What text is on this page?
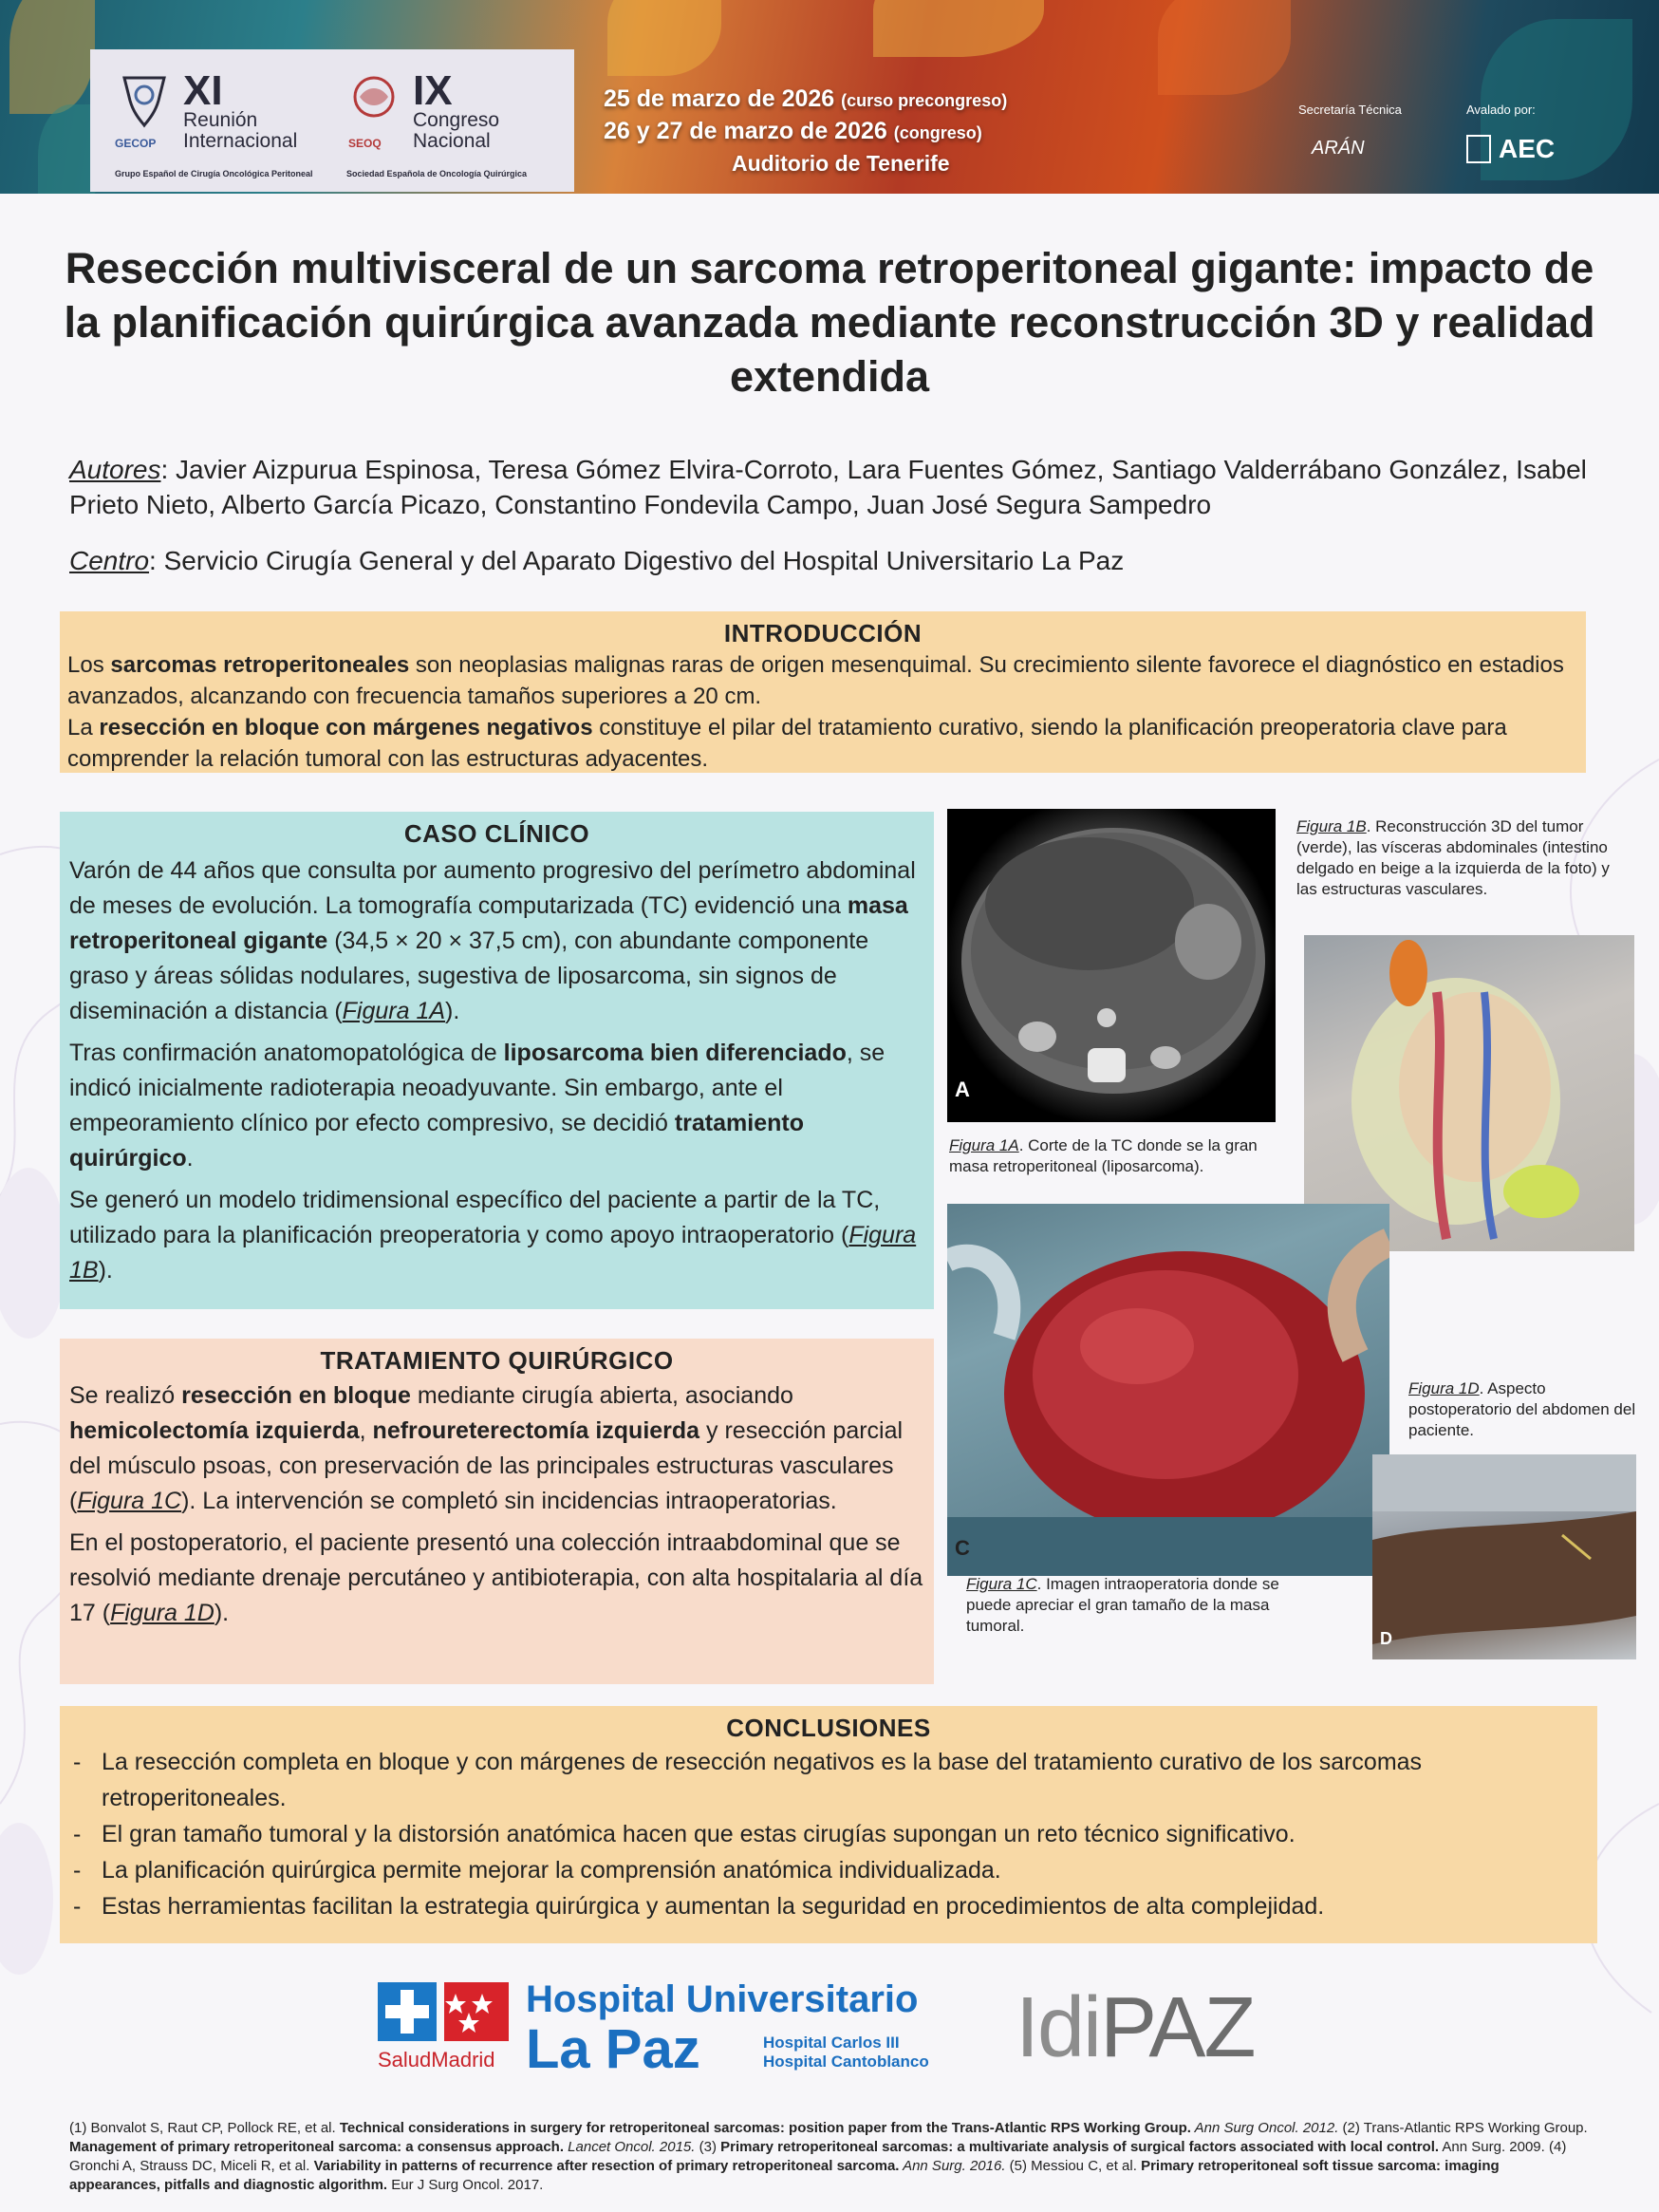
XI
Reunión
Internacional
GECOP
Grupo Español de Cirugía Oncológica Peritoneal
IX
Congreso
Nacional
SEOQ
Sociedad Española de Oncología Quirúrgica
25 de marzo de 2026 (curso precongreso)
26 y 27 de marzo de 2026 (congreso)
Auditorio de Tenerife
Secretaría Técnica
ARÁN
Avalado por:
AEC
Resección multivisceral de un sarcoma retroperitoneal gigante: impacto de la planificación quirúrgica avanzada mediante reconstrucción 3D y realidad extendida
Autores: Javier Aizpurua Espinosa, Teresa Gómez Elvira-Corroto, Lara Fuentes Gómez, Santiago Valderrábano González, Isabel Prieto Nieto, Alberto García Picazo, Constantino Fondevila Campo, Juan José Segura Sampedro
Centro: Servicio Cirugía General y del Aparato Digestivo del Hospital Universitario La Paz
INTRODUCCIÓN

Los sarcomas retroperitoneales son neoplasias malignas raras de origen mesenquimal. Su crecimiento silente favorece el diagnóstico en estadios avanzados, alcanzando con frecuencia tamaños superiores a 20 cm.

La resección en bloque con márgenes negativos constituye el pilar del tratamiento curativo, siendo la planificación preoperatoria clave para comprender la relación tumoral con las estructuras adyacentes.

CASO CLÍNICO

Varón de 44 años que consulta por aumento progresivo del perímetro abdominal de meses de evolución. La tomografía computarizada (TC) evidenció una masa retroperitoneal gigante (34,5 × 20 × 37,5 cm), con abundante componente graso y áreas sólidas nodulares, sugestiva de liposarcoma, sin signos de diseminación a distancia (Figura 1A).

Tras confirmación anatomopatológica de liposarcoma bien diferenciado, se indicó inicialmente radioterapia neoadyuvante. Sin embargo, ante el empeoramiento clínico por efecto compresivo, se decidió tratamiento quirúrgico.

Se generó un modelo tridimensional específico del paciente a partir de la TC, utilizado para la planificación preoperatoria y como apoyo intraoperatorio (Figura 1B).

TRATAMIENTO QUIRÚRGICO

Se realizó resección en bloque mediante cirugía abierta, asociando hemicolectomía izquierda, nefroureterectomía izquierda y resección parcial del músculo psoas, con preservación de las principales estructuras vasculares (Figura 1C). La intervención se completó sin incidencias intraoperatorias.

En el postoperatorio, el paciente presentó una colección intraabdominal que se resolvió mediante drenaje percutáneo y antibioterapia, con alta hospitalaria al día 17 (Figura 1D).

A
Figura 1A. Corte de la TC donde se la gran masa retroperitoneal (liposarcoma).
Figura 1B. Reconstrucción 3D del tumor (verde), las vísceras abdominales (intestino delgado en beige a la izquierda de la foto) y las estructuras vasculares.
C
Figura 1C. Imagen intraoperatoria donde se puede apreciar el gran tamaño de la masa tumoral.
Figura 1D. Aspecto postoperatorio del abdomen del paciente.
D
CONCLUSIONES
- La resección completa en bloque y con márgenes de resección negativos es la base del tratamiento curativo de los sarcomas retroperitoneales.
- El gran tamaño tumoral y la distorsión anatómica hacen que estas cirugías supongan un reto técnico significativo.
- La planificación quirúrgica permite mejorar la comprensión anatómica individualizada.
- Estas herramientas facilitan la estrategia quirúrgica y aumentan la seguridad en procedimientos de alta complejidad.
SaludMadrid
Hospital Universitario
La Paz	Hospital Carlos III
Hospital Cantoblanco IdiPAZ
(1) Bonvalot S, Raut CP, Pollock RE, et al. Technical considerations in surgery for retroperitoneal sarcomas: position paper from the Trans-Atlantic RPS Working Group. Ann Surg Oncol. 2012. (2) Trans-Atlantic RPS Working Group. Management of primary retroperitoneal sarcoma: a consensus approach. Lancet Oncol. 2015. (3) Primary retroperitoneal sarcomas: a multivariate analysis of surgical factors associated with local control. Ann Surg. 2009. (4) Gronchi A, Strauss DC, Miceli R, et al. Variability in patterns of recurrence after resection of primary retroperitoneal sarcoma. Ann Surg. 2016. (5) Messiou C, et al. Primary retroperitoneal soft tissue sarcoma: imaging appearances, pitfalls and diagnostic algorithm. Eur J Surg Oncol. 2017.
